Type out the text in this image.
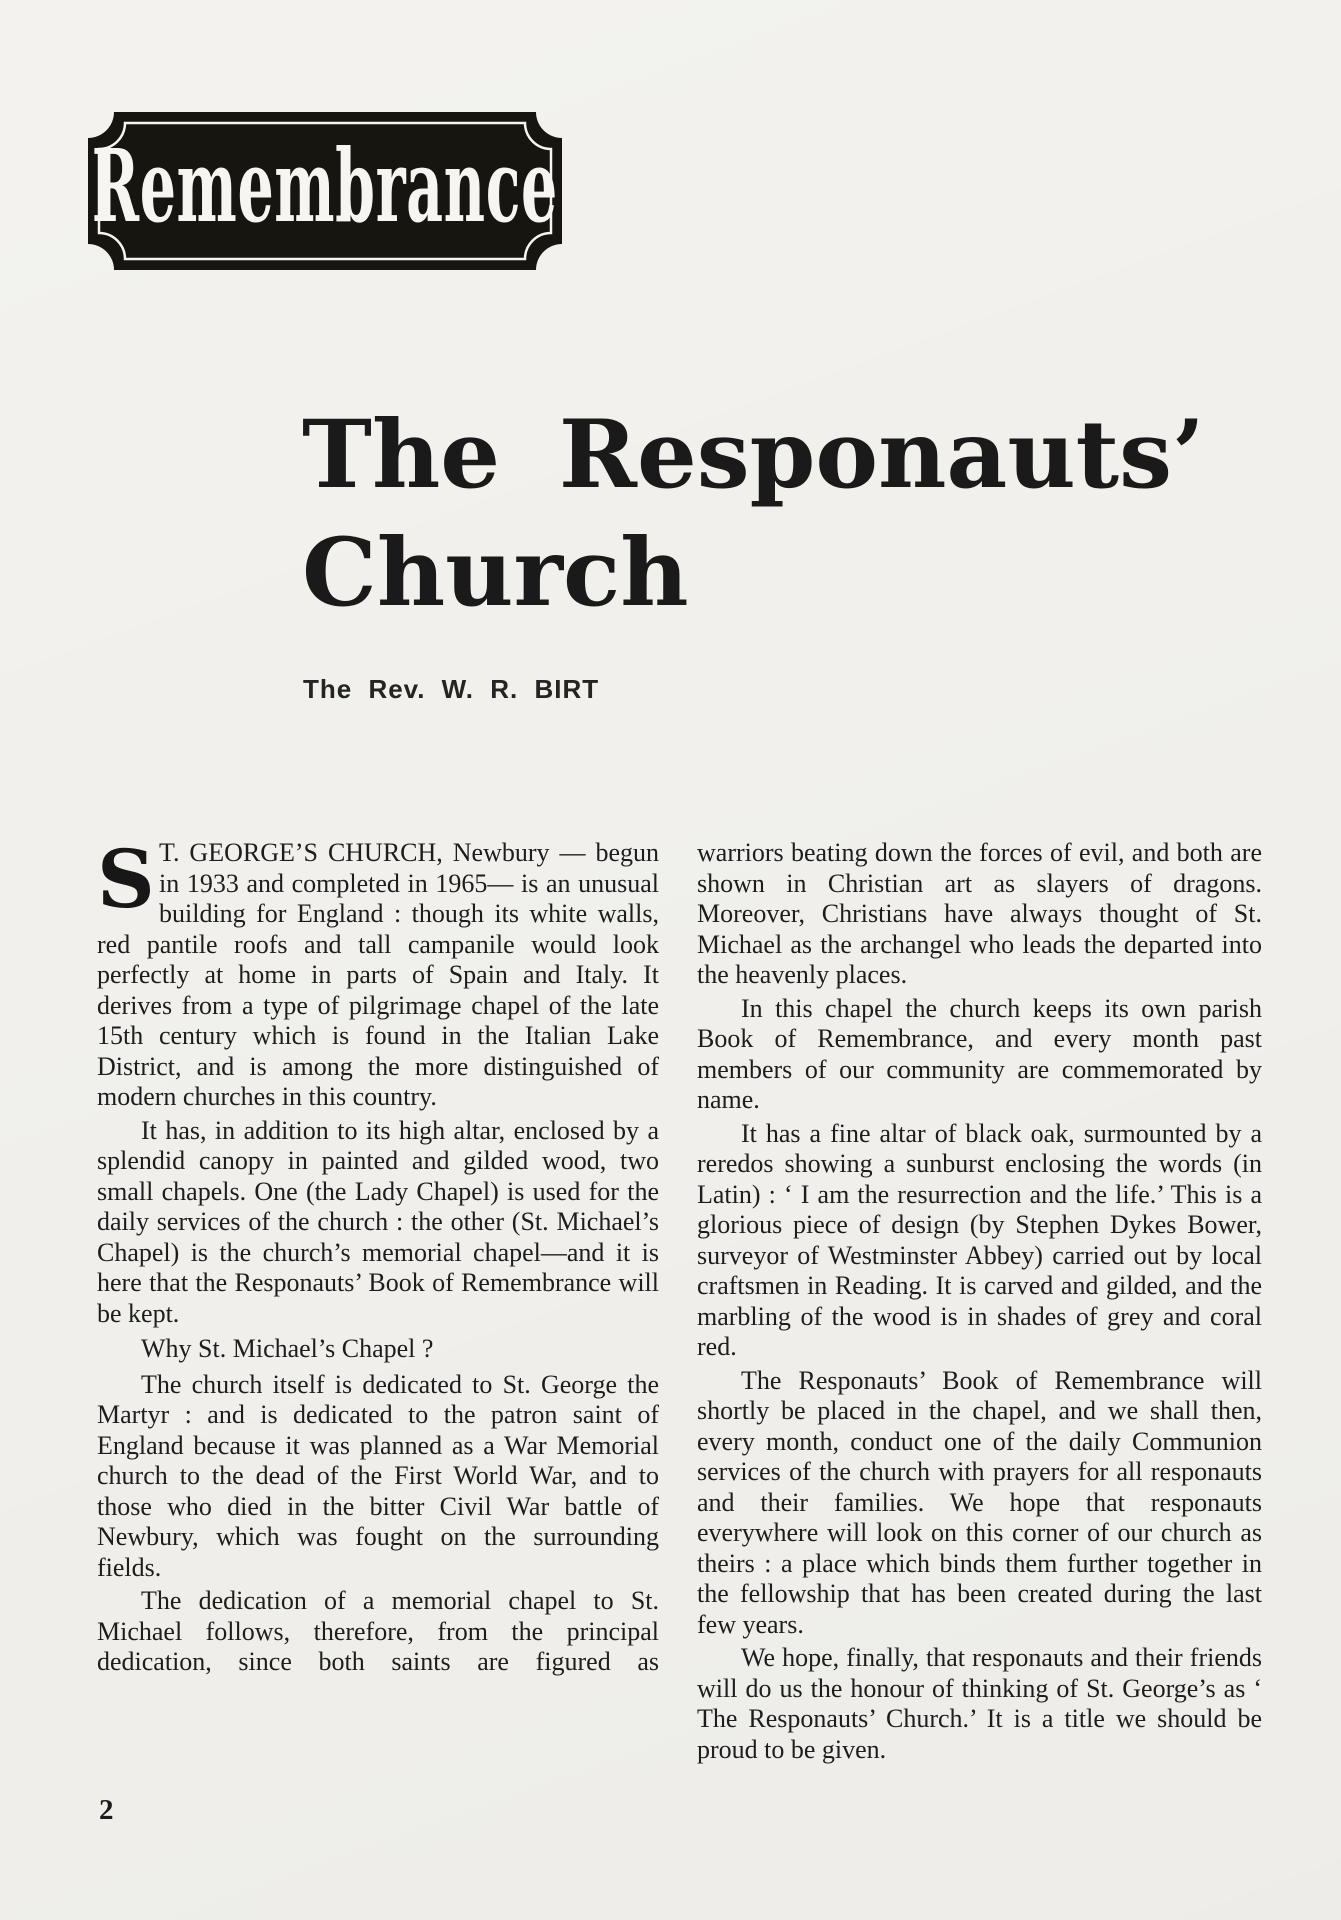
Remembrance
The Responauts’
Church
The Rev. W. R. BIRT

S T. GEORGE’S CHURCH, Newbury — begun in 1933 and completed in 1965— is an unusual building for England : though its white walls, red pantile roofs and tall campanile would look perfectly at home in parts of Spain and Italy. It derives from a type of pilgrimage chapel of the late 15th century which is found in the Italian Lake District, and is among the more distinguished of modern churches in this country.

It has, in addition to its high altar, enclosed by a splendid canopy in painted and gilded wood, two small chapels. One (the Lady Chapel) is used for the daily services of the church : the other (St. Michael’s Chapel) is the church’s memorial chapel—and it is here that the Responauts’ Book of Remembrance will be kept.

Why St. Michael’s Chapel ?

The church itself is dedicated to St. George the Martyr : and is dedicated to the patron saint of England because it was planned as a War Memorial church to the dead of the First World War, and to those who died in the bitter Civil War battle of Newbury, which was fought on the surrounding fields.

The dedication of a memorial chapel to St. Michael follows, therefore, from the principal dedication, since both saints are figured as

warriors beating down the forces of evil, and both are shown in Christian art as slayers of dragons. Moreover, Christians have always thought of St. Michael as the archangel who leads the departed into the heavenly places.

In this chapel the church keeps its own parish Book of Remembrance, and every month past members of our community are commemorated by name.

It has a fine altar of black oak, surmounted by a reredos showing a sunburst enclosing the words (in Latin) : ‘ I am the resurrection and the life.’ This is a glorious piece of design (by Stephen Dykes Bower, surveyor of Westminster Abbey) carried out by local craftsmen in Reading. It is carved and gilded, and the marbling of the wood is in shades of grey and coral red.

The Responauts’ Book of Remembrance will shortly be placed in the chapel, and we shall then, every month, conduct one of the daily Communion services of the church with prayers for all responauts and their families. We hope that responauts everywhere will look on this corner of our church as theirs : a place which binds them further together in the fellowship that has been created during the last few years.

We hope, finally, that responauts and their friends will do us the honour of thinking of St. George’s as ‘ The Responauts’ Church.’ It is a title we should be proud to be given.

2
